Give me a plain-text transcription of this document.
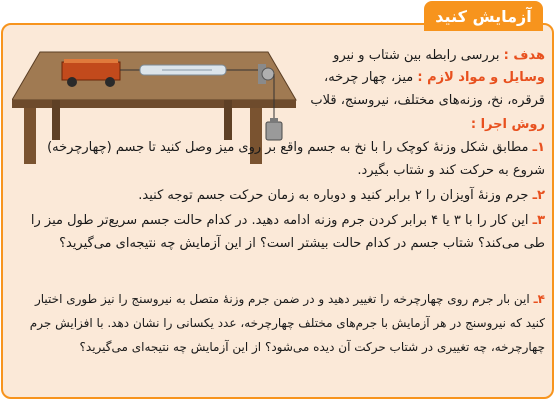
آزمایش کنید
هدف : بررسی رابطه بین شتاب و نیرو
وسایل و مواد لازم : میز، چهار چرخه،
قرقره، نخ، وزنه‌های مختلف، نیروسنج، قلاب
روش اجرا :
۱ـ مطابق شکل وزنهٔ کوچک را با نخ به جسم واقع بر روی میز وصل کنید تا جسم (چهارچرخه)
شروع به حرکت کند و شتاب بگیرد.
۲ـ جرم وزنهٔ آویزان را ۲ برابر کنید و دوباره به زمان حرکت جسم توجه کنید.
۳ـ این کار را با ۳ یا ۴ برابر کردن جرم وزنه ادامه دهید. در کدام حالت جسم سریع‌تر طول میز را
طی می‌کند؟ شتاب جسم در کدام حالت بیشتر است؟ از این آزمایش چه نتیجه‌ای می‌گیرید؟
۴ـ این بار جرم روی چهارچرخه را تغییر دهید و در ضمن جرم وزنهٔ متصل به نیروسنج را نیز طوری اختیار
کنید که نیروسنج در هر آزمایش با جرم‌های مختلف چهارچرخه، عدد یکسانی را نشان دهد. با افزایش جرم
چهارچرخه، چه تغییری در شتاب حرکت آن دیده می‌شود؟ از این آزمایش چه نتیجه‌ای می‌گیرید؟
